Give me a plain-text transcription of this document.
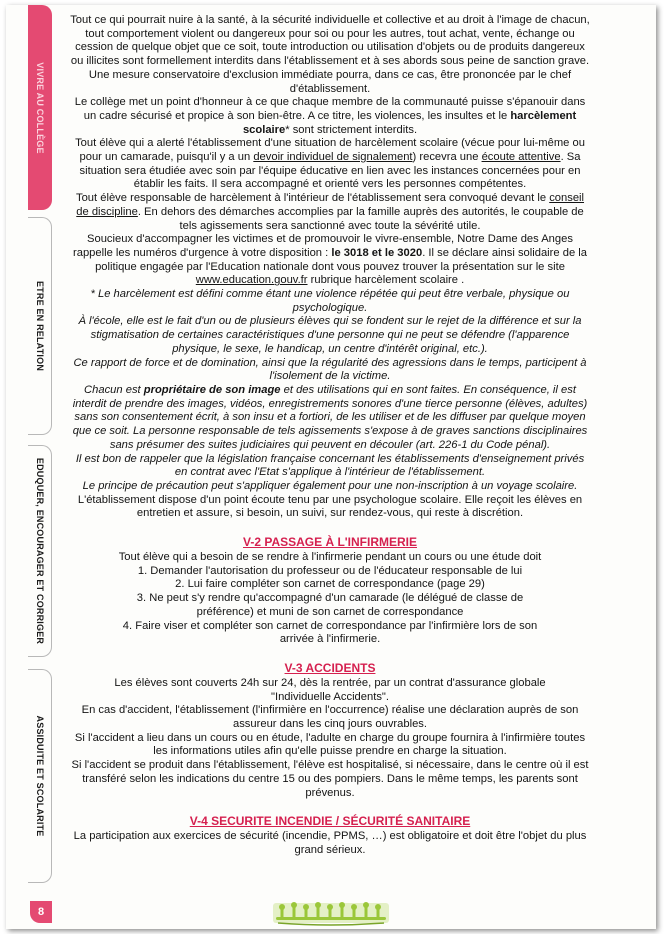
VIVRE AU COLLÈGE
ETRE EN RELATION
EDUQUER, ENCOURAGER ET CORRIGER
ASSIDUITE ET SCOLARITE
8

Tout ce qui pourrait nuire à la santé, à la sécurité individuelle et collective et au droit à l'image de chacun, tout comportement violent ou dangereux pour soi ou pour les autres, tout achat, vente, échange ou cession de quelque objet que ce soit, toute introduction ou utilisation d'objets ou de produits dangereux ou illicites sont formellement interdits dans l'établissement et à ses abords sous peine de sanction grave. Une mesure conservatoire d'exclusion immédiate pourra, dans ce cas, être prononcée par le chef d'établissement.

Le collège met un point d'honneur à ce que chaque membre de la communauté puisse s'épanouir dans un cadre sécurisé et propice à son bien-être. A ce titre, les violences, les insultes et le harcèlement scolaire* sont strictement interdits.

Tout élève qui a alerté l'établissement d'une situation de harcèlement scolaire (vécue pour lui-même ou pour un camarade, puisqu'il y a un devoir individuel de signalement) recevra une écoute attentive. Sa situation sera étudiée avec soin par l'équipe éducative en lien avec les instances concernées pour en établir les faits. Il sera accompagné et orienté vers les personnes compétentes.

Tout élève responsable de harcèlement à l'intérieur de l'établissement sera convoqué devant le conseil de discipline. En dehors des démarches accomplies par la famille auprès des autorités, le coupable de tels agissements sera sanctionné avec toute la sévérité utile.

Soucieux d'accompagner les victimes et de promouvoir le vivre-ensemble, Notre Dame des Anges rappelle les numéros d'urgence à votre disposition : le 3018 et le 3020. Il se déclare ainsi solidaire de la politique engagée par l'Education nationale dont vous pouvez trouver la présentation sur le site www.education.gouv.fr rubrique harcèlement scolaire .

* Le harcèlement est défini comme étant une violence répétée qui peut être verbale, physique ou psychologique.

À l'école, elle est le fait d'un ou de plusieurs élèves qui se fondent sur le rejet de la différence et sur la stigmatisation de certaines caractéristiques d'une personne qui ne peut se défendre (l'apparence physique, le sexe, le handicap, un centre d'intérêt original, etc.).

Ce rapport de force et de domination, ainsi que la régularité des agressions dans le temps, participent à l'isolement de la victime.

Chacun est propriétaire de son image et des utilisations qui en sont faites. En conséquence, il est interdit de prendre des images, vidéos, enregistrements sonores d'une tierce personne (élèves, adultes) sans son consentement écrit, à son insu et a fortiori, de les utiliser et de les diffuser par quelque moyen que ce soit. La personne responsable de tels agissements s'expose à de graves sanctions disciplinaires sans présumer des suites judiciaires qui peuvent en découler (art. 226-1 du Code pénal).

Il est bon de rappeler que la législation française concernant les établissements d'enseignement privés en contrat avec l'Etat s'applique à l'intérieur de l'établissement.

Le principe de précaution peut s'appliquer également pour une non-inscription à un voyage scolaire.

L'établissement dispose d'un point écoute tenu par une psychologue scolaire. Elle reçoit les élèves en entretien et assure, si besoin, un suivi, sur rendez-vous, qui reste à discrétion.

V-2 PASSAGE À L'INFIRMERIE

Tout élève qui a besoin de se rendre à l'infirmerie pendant un cours ou une étude doit

1. Demander l'autorisation du professeur ou de l'éducateur responsable de lui

2. Lui faire compléter son carnet de correspondance (page 29)

3. Ne peut s'y rendre qu'accompagné d'un camarade (le délégué de classe de préférence) et muni de son carnet de correspondance

4. Faire viser et compléter son carnet de correspondance par l'infirmière lors de son arrivée à l'infirmerie.

V-3 ACCIDENTS

Les élèves sont couverts 24h sur 24, dès la rentrée, par un contrat d'assurance globale "Individuelle Accidents".

En cas d'accident, l'établissement (l'infirmière en l'occurrence) réalise une déclaration auprès de son assureur dans les cinq jours ouvrables.

Si l'accident a lieu dans un cours ou en étude, l'adulte en charge du groupe fournira à l'infirmière toutes les informations utiles afin qu'elle puisse prendre en charge la situation.

Si l'accident se produit dans l'établissement, l'élève est hospitalisé, si nécessaire, dans le centre où il est transféré selon les indications du centre 15 ou des pompiers. Dans le même temps, les parents sont prévenus.

V-4 SECURITE INCENDIE / SÉCURITÉ SANITAIRE

La participation aux exercices de sécurité (incendie, PPMS, …) est obligatoire et doit être l'objet du plus grand sérieux.
